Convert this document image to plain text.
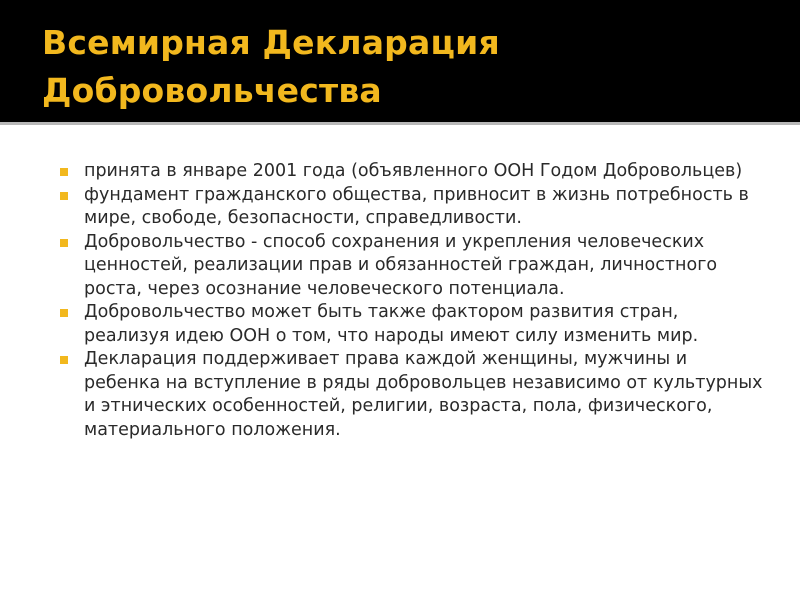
Всемирная Декларация Добровольчества
принята в январе 2001 года (объявленного ООН Годом Добровольцев)
фундамент гражданского общества, привносит в жизнь потребность в мире, свободе, безопасности, справедливости.
Добровольчество - способ сохранения и укрепления человеческих ценностей, реализации прав и обязанностей граждан, личностного роста, через осознание человеческого потенциала.
Добровольчество может быть также фактором развития стран, реализуя идею ООН о том, что народы имеют силу изменить мир.
Декларация поддерживает права каждой женщины, мужчины и ребенка на вступление в ряды добровольцев независимо от культурных и этнических особенностей, религии, возраста, пола, физического, материального положения.
